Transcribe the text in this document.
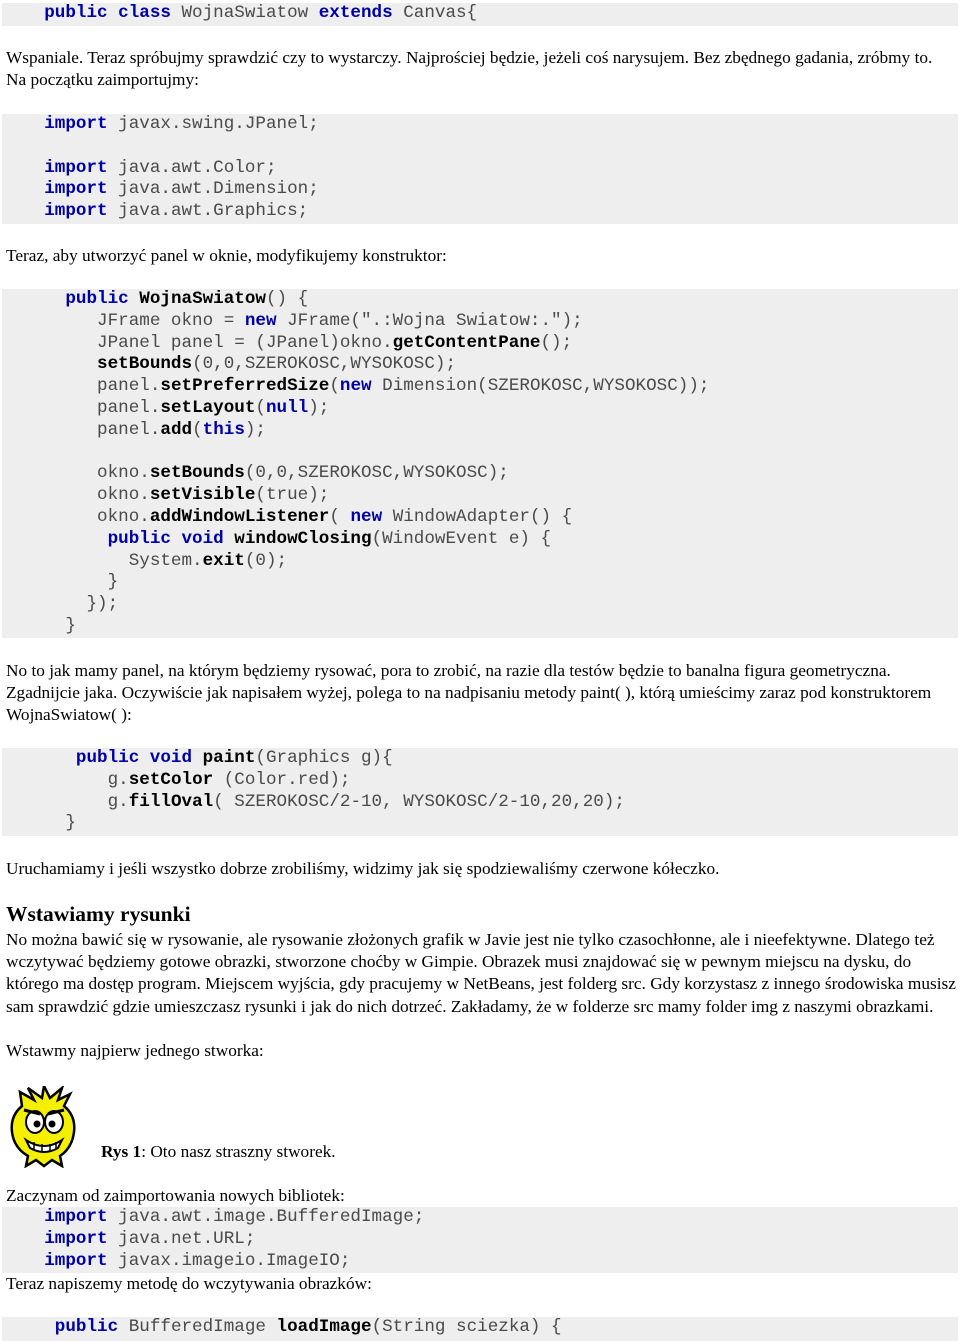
public class WojnaSwiatow extends Canvas{

Wspaniale. Teraz spróbujmy sprawdzić czy to wystarczy. Najprościej będzie, jeżeli coś narysujem. Bez zbędnego gadania, zróbmy to. Na początku zaimportujmy:

import javax.swing.JPanel;

import java.awt.Color;
import java.awt.Dimension;
import java.awt.Graphics;

Teraz, aby utworzyć panel w oknie, modyfikujemy konstruktor:

public WojnaSwiatow() {
JFrame okno = new JFrame(".:Wojna Swiatow:.");
JPanel panel = (JPanel)okno.getContentPane();
setBounds(0,0,SZEROKOSC,WYSOKOSC);
panel.setPreferredSize(new Dimension(SZEROKOSC,WYSOKOSC));
panel.setLayout(null);
panel.add(this);

okno.setBounds(0,0,SZEROKOSC,WYSOKOSC);
okno.setVisible(true);
okno.addWindowListener( new WindowAdapter() {
public void windowClosing(WindowEvent e) {
System.exit(0);
}
});
}

No to jak mamy panel, na którym będziemy rysować, pora to zrobić, na razie dla testów będzie to banalna figura geometryczna. Zgadnijcie jaka. Oczywiście jak napisałem wyżej, polega to na nadpisaniu metody paint( ), którą umieścimy zaraz pod konstruktorem WojnaSwiatow( ):

public void paint(Graphics g){
g.setColor (Color.red);
g.fillOval( SZEROKOSC/2-10, WYSOKOSC/2-10,20,20);
}

Uruchamiamy i jeśli wszystko dobrze zrobiliśmy, widzimy jak się spodziewaliśmy czerwone kółeczko.

Wstawiamy rysunki

No można bawić się w rysowanie, ale rysowanie złożonych grafik w Javie jest nie tylko czasochłonne, ale i nieefektywne. Dlatego też wczytywać będziemy gotowe obrazki, stworzone choćby w Gimpie. Obrazek musi znajdować się w pewnym miejscu na dysku, do którego ma dostęp program. Miejscem wyjścia, gdy pracujemy w NetBeans, jest folderg src. Gdy korzystasz z innego środowiska musisz sam sprawdzić gdzie umieszczasz rysunki i jak do nich dotrzeć. Zakładamy, że w folderze src mamy folder img z naszymi obrazkami.

Wstawmy najpierw jednego stworka:

Rys 1: Oto nasz straszny stworek.

Zaczynam od zaimportowania nowych bibliotek:

import java.awt.image.BufferedImage;
import java.net.URL;
import javax.imageio.ImageIO;

Teraz napiszemy metodę do wczytywania obrazków:

public BufferedImage loadImage(String sciezka) {
